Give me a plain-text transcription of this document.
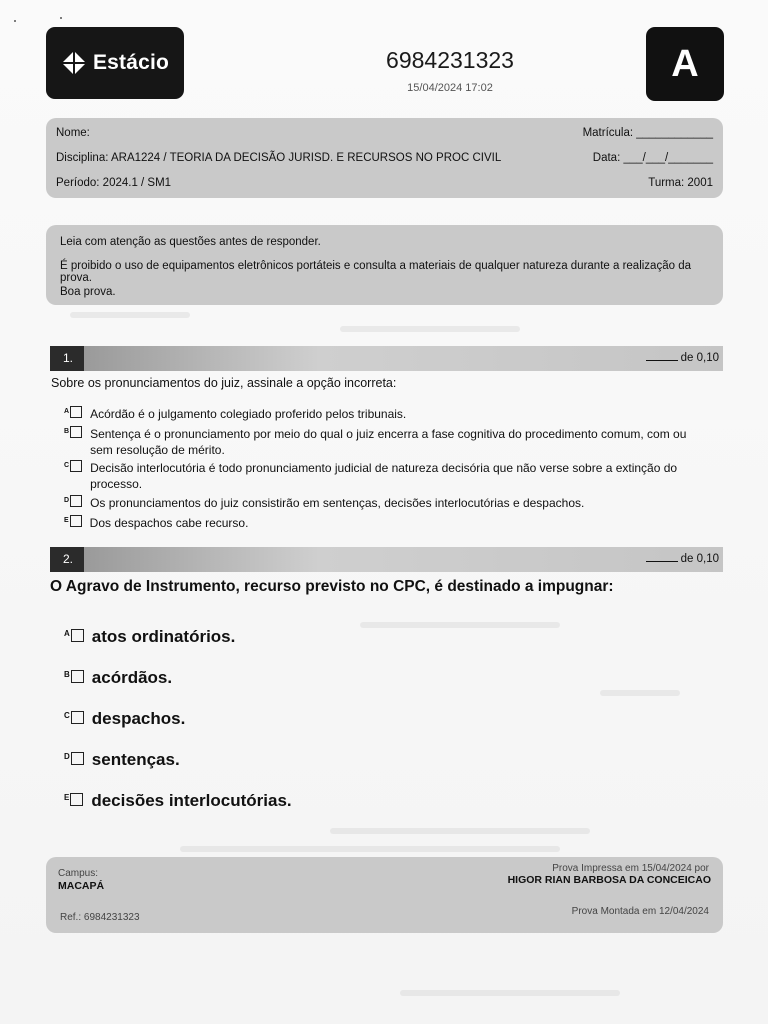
Estácio	6984231323
15/04/2024 17:02
A
Nome:	Matrícula: ____________
Disciplina: ARA1224 / TEORIA DA DECISÃO JURISD. E RECURSOS NO PROC CIVIL	Data: ___/___/_______
Período: 2024.1 / SM1	Turma: 2001

Leia com atenção as questões antes de responder.

É proibido o uso de equipamentos eletrônicos portáteis e consulta a materiais de qualquer natureza durante a realização da prova.

Boa prova.

1.	de 0,10
Sobre os pronunciamentos do juiz, assinale a opção incorreta:
A Acórdão é o julgamento colegiado proferido pelos tribunais.
B Sentença é o pronunciamento por meio do qual o juiz encerra a fase cognitiva do procedimento comum, com ou sem resolução de mérito.
C Decisão interlocutória é todo pronunciamento judicial de natureza decisória que não verse sobre a extinção do processo.
D Os pronunciamentos do juiz consistirão em sentenças, decisões interlocutórias e despachos.
E Dos despachos cabe recurso.
2.	de 0,10
O Agravo de Instrumento, recurso previsto no CPC, é destinado a impugnar:
A atos ordinatórios.
B acórdãos.
C despachos.
D sentenças.
E decisões interlocutórias.
Campus:
MACAPÁ
Prova Impressa em 15/04/2024 por
HIGOR RIAN BARBOSA DA CONCEICAO
Ref.: 6984231323
Prova Montada em 12/04/2024
